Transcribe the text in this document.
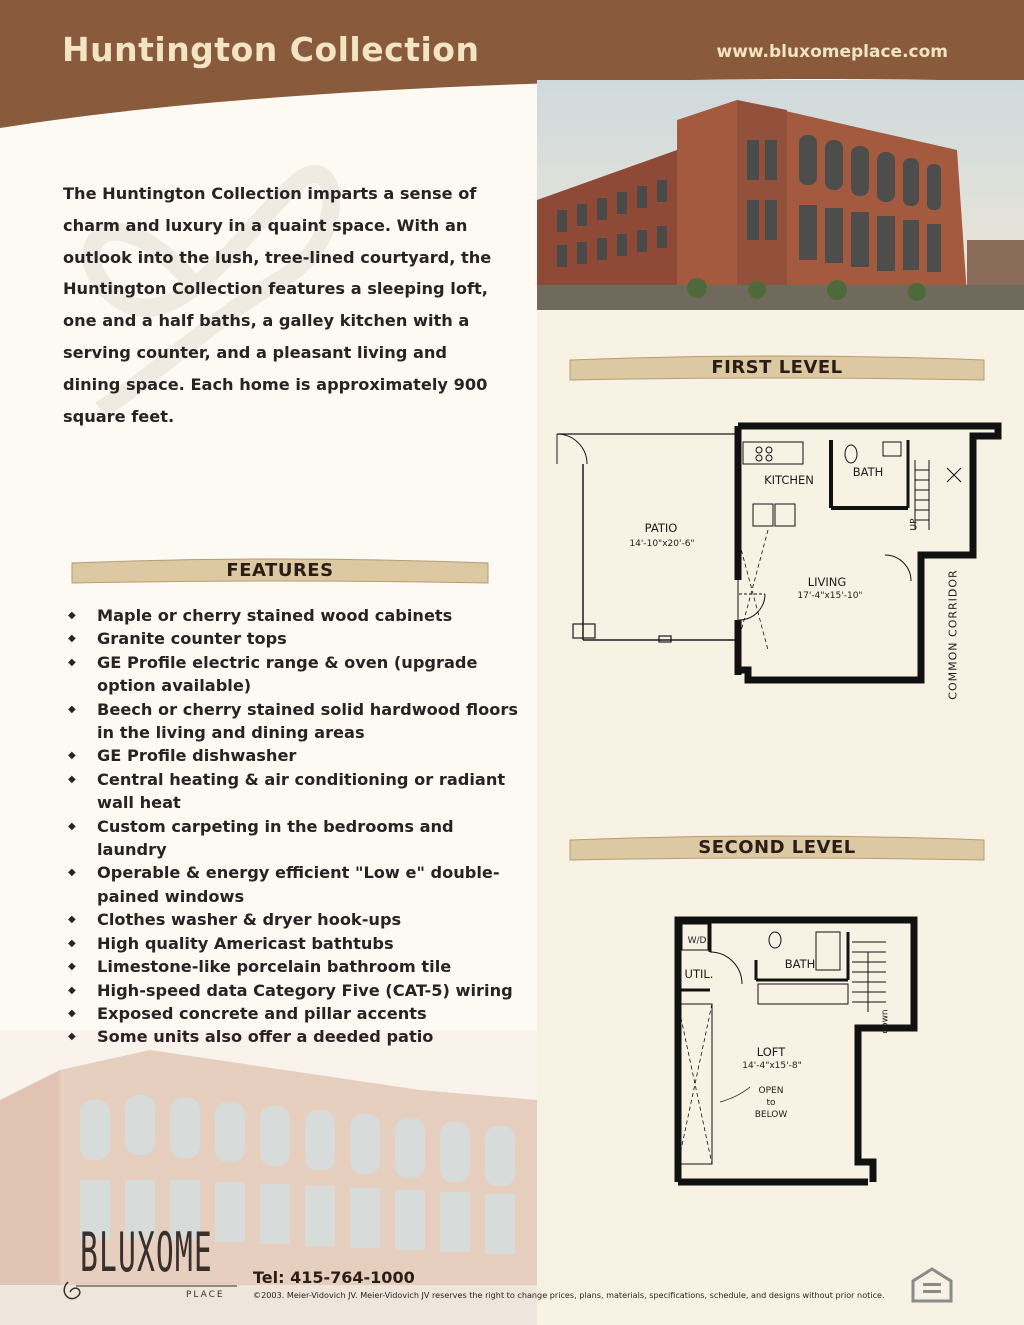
Huntington Collection	www.bluxomeplace.com
The Huntington Collection imparts a sense of charm and luxury in a quaint space. With an outlook into the lush, tree-lined courtyard, the Huntington Collection features a sleeping loft, one and a half baths, a galley kitchen with a serving counter, and a pleasant living and dining space. Each home is approximately 900 square feet.
FEATURES
◆ Maple or cherry stained wood cabinets
◆ Granite counter tops
◆ GE Profile electric range & oven (upgrade option available)
◆ Beech or cherry stained solid hardwood floors in the living and dining areas
◆ GE Profile dishwasher
◆ Central heating & air conditioning or radiant wall heat
◆ Custom carpeting in the bedrooms and laundry
◆ Operable & energy efficient "Low e" double-pained windows
◆ Clothes washer & dryer hook-ups
◆ High quality Americast bathtubs
◆ Limestone-like porcelain bathroom tile
◆ High-speed data Category Five (CAT-5) wiring
◆ Exposed concrete and pillar accents
◆ Some units also offer a deeded patio
FIRST LEVEL
PATIO
14'-10"x20'-6"
KITCHEN
BATH
LIVING
17'-4"x15'-10"
UP
COMMON CORRIDOR
SECOND LEVEL
W/D
UTIL.
BATH
LOFT
14'-4"x15'-8"
OPEN
to
BELOW
down
BLUXOME
PLACE
Tel: 415-764-1000
©2003. Meier-Vidovich JV. Meier-Vidovich JV reserves the right to change prices, plans, materials, specifications, schedule, and designs without prior notice.
